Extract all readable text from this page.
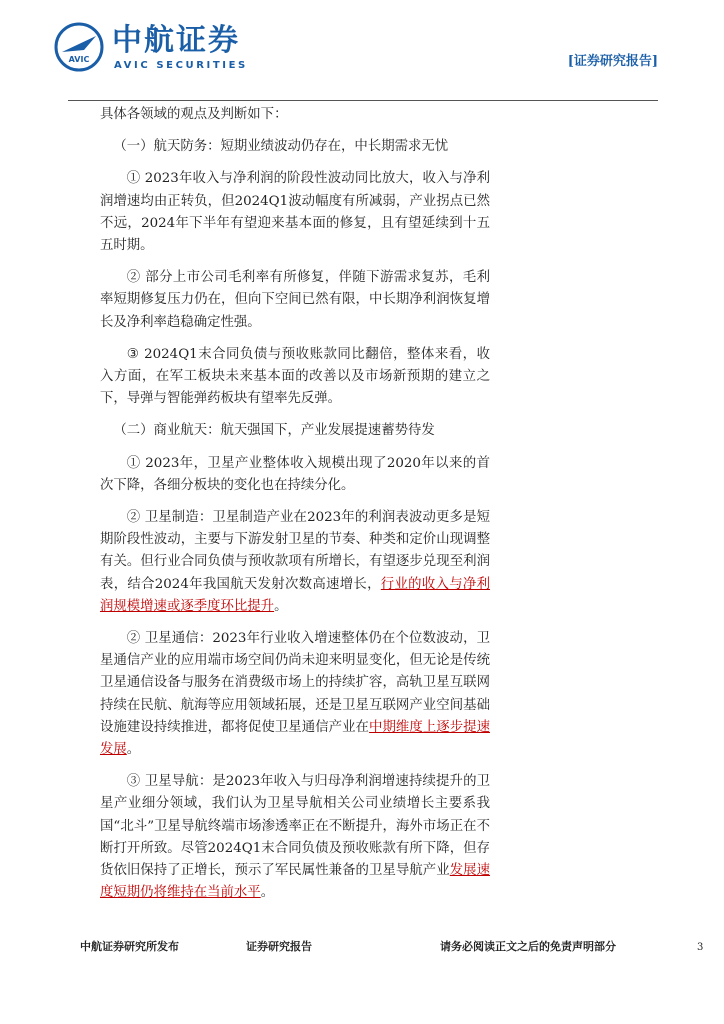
AVIC
中航证券
AVIC SECURITIES	[证券研究报告]

具体各领域的观点及判断如下：

（一）航天防务：短期业绩波动仍存在，中长期需求无忧

① 2023年收入与净利润的阶段性波动同比放大，收入与净利润增速均由正转负，但2024Q1波动幅度有所减弱，产业拐点已然不远，2024年下半年有望迎来基本面的修复，且有望延续到十五五时期。

② 部分上市公司毛利率有所修复，伴随下游需求复苏，毛利率短期修复压力仍在，但向下空间已然有限，中长期净利润恢复增长及净利率趋稳确定性强。

③ 2024Q1末合同负债与预收账款同比翻倍，整体来看，收入方面，在军工板块未来基本面的改善以及市场新预期的建立之下，导弹与智能弹药板块有望率先反弹。

（二）商业航天：航天强国下，产业发展提速蓄势待发

① 2023年，卫星产业整体收入规模出现了2020年以来的首次下降，各细分板块的变化也在持续分化。

② 卫星制造：卫星制造产业在2023年的利润表波动更多是短期阶段性波动，主要与下游发射卫星的节奏、种类和定价山现调整有关。但行业合同负债与预收款项有所增长，有望逐步兑现至利润表，结合2024年我国航天发射次数高速增长，行业的收入与净利润规模增速或逐季度环比提升。

② 卫星通信：2023年行业收入增速整体仍在个位数波动，卫星通信产业的应用端市场空间仍尚未迎来明显变化，但无论是传统卫星通信设备与服务在消费级市场上的持续扩容，高轨卫星互联网持续在民航、航海等应用领域拓展，还是卫星互联网产业空间基础设施建设持续推进，都将促使卫星通信产业在中期维度上逐步提速发展。

③ 卫星导航：是2023年收入与归母净利润增速持续提升的卫星产业细分领域，我们认为卫星导航相关公司业绩增长主要系我国“北斗”卫星导航终端市场渗透率正在不断提升，海外市场正在不断打开所致。尽管2024Q1末合同负债及预收账款有所下降，但存货依旧保持了正增长，预示了军民属性兼备的卫星导航产业发展速度短期仍将维持在当前水平。

中航证券研究所发布	证券研究报告	请务必阅读正文之后的免责声明部分	3
